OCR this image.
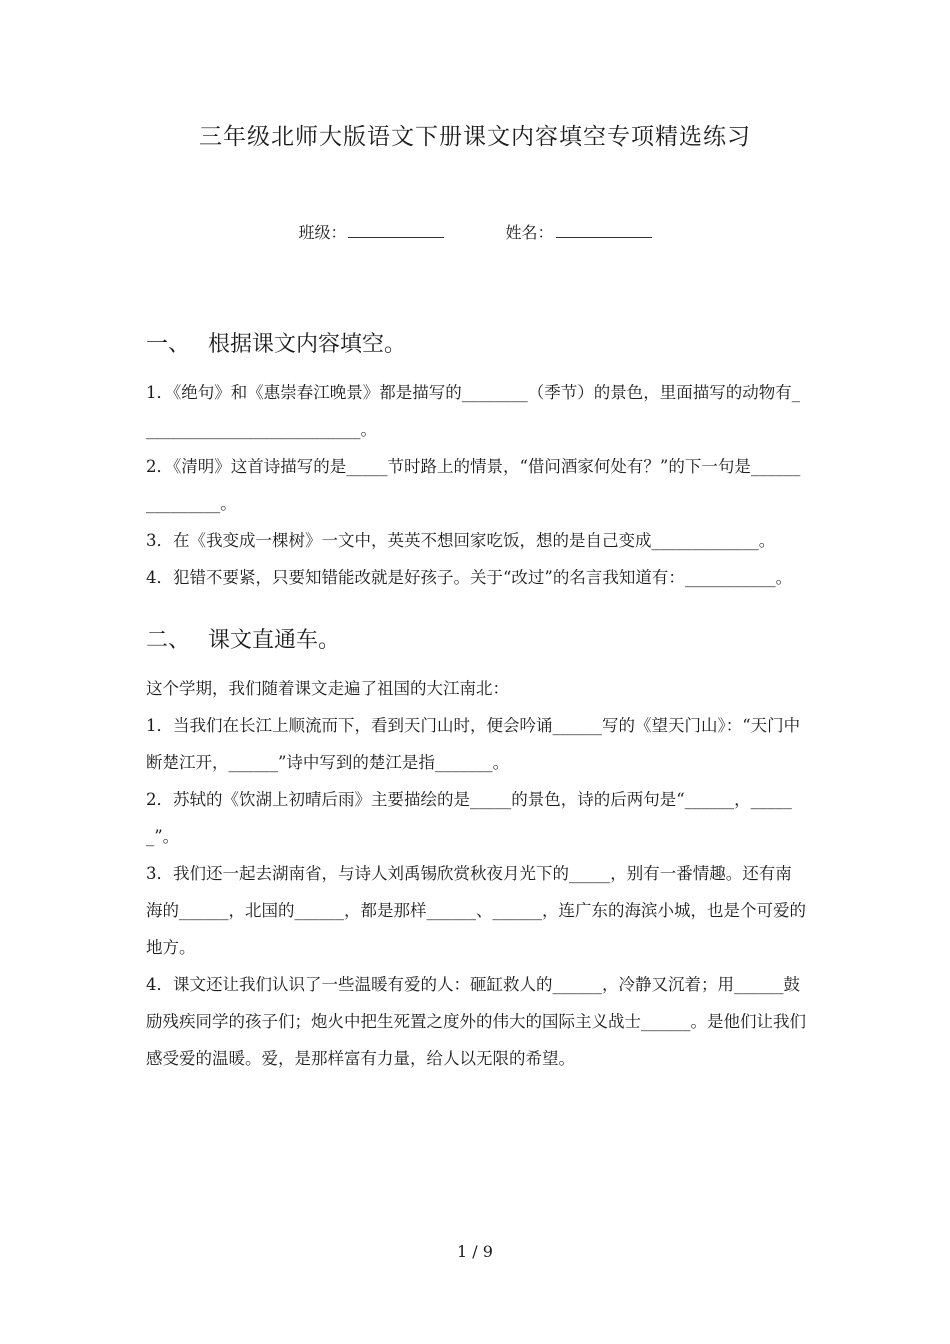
三年级北师大版语文下册课文内容填空专项精选练习
班级：	姓名：
一、 根据课文内容填空。

1．《绝句》和《惠崇春江晚景》都是描写的________（季节）的景色，里面描写的动物有___________________________。

2．《清明》这首诗描写的是_____节时路上的情景，“借问酒家何处有？”的下一句是_______________。

3．在《我变成一棵树》一文中，英英不想回家吃饭，想的是自己变成_____________。

4．犯错不要紧，只要知错能改就是好孩子。关于“改过”的名言我知道有：___________。

二、 课文直通车。

这个学期，我们随着课文走遍了祖国的大江南北：

1．当我们在长江上顺流而下，看到天门山时，便会吟诵______写的《望天门山》：“天门中断楚江开，______”诗中写到的楚江是指_______。

2．苏轼的《饮湖上初晴后雨》主要描绘的是_____的景色，诗的后两句是“______，______”。

3．我们还一起去湖南省，与诗人刘禹锡欣赏秋夜月光下的_____，别有一番情趣。还有南海的______，北国的______，都是那样______、______，连广东的海滨小城，也是个可爱的地方。

4．课文还让我们认识了一些温暖有爱的人：砸缸救人的______，冷静又沉着；用______鼓励残疾同学的孩子们；炮火中把生死置之度外的伟大的国际主义战士______。是他们让我们感受爱的温暖。爱，是那样富有力量，给人以无限的希望。

1 / 9
